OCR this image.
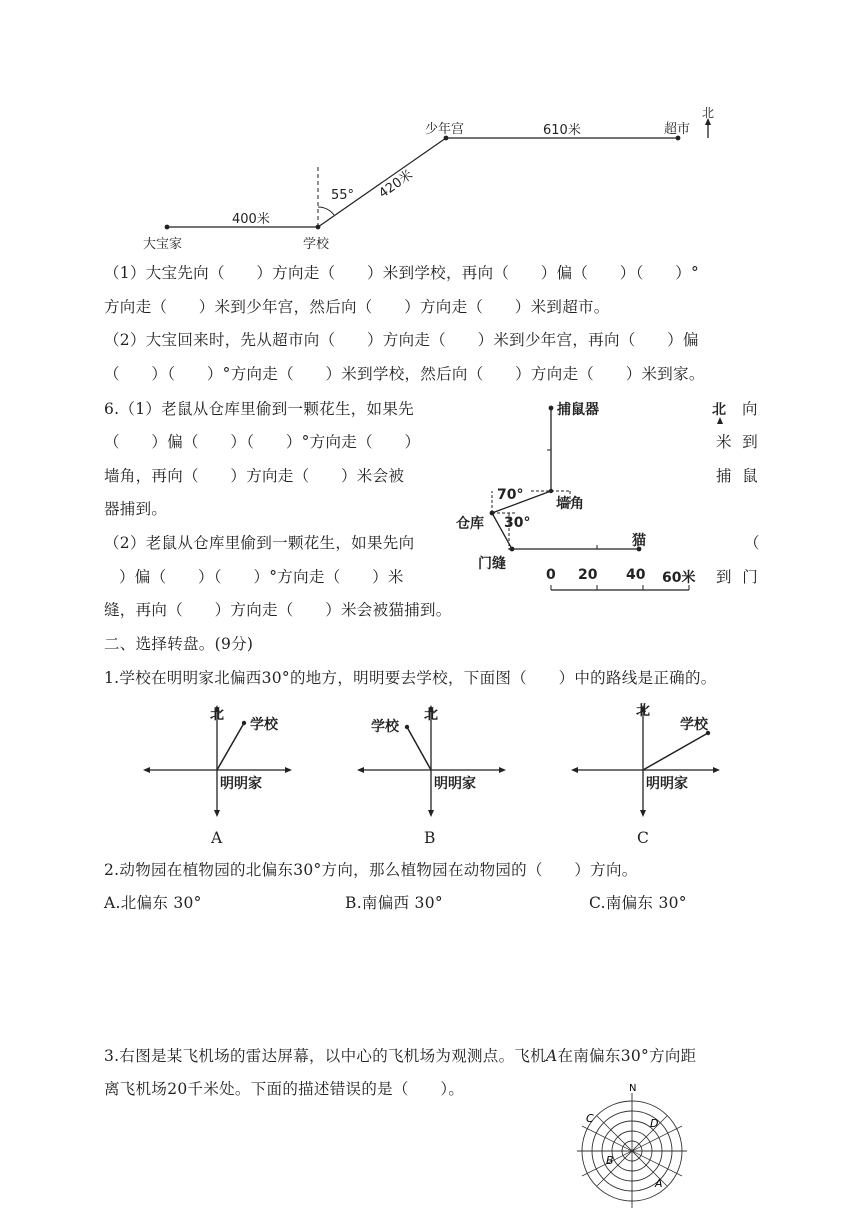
北
少年宫	610米	超市
55° 420米
400米
大宝家	学校
（1）大宝先向（　　）方向走（　　）米到学校，再向（　　）偏（　　）（　　）°
方向走（　　）米到少年宫，然后向（　　）方向走（　　）米到超市。
（2）大宝回来时，先从超市向（　　）方向走（　　）米到少年宫，再向（　　）偏
（　　）（　　）°方向走（　　）米到学校，然后向（　　）方向走（　　）米到家。
6.（1）老鼠从仓库里偷到一颗花生，如果先
（　　）偏（　　）（　　）°方向走（　　）
墙角，再向（　　）方向走（　　）米会被
器捕到。
（2）老鼠从仓库里偷到一颗花生，如果先向
）偏（　　）（　　）°方向走（　　）米
缝，再向（　　）方向走（　　）米会被猫捕到。
向
米 到
捕 鼠
（
到 门
捕鼠器	北
70°
墙角
仓库 30°
门缝
猫
0 20 40 60米
二、选择转盘。(9分)
1.学校在明明家北偏西30°的地方，明明要去学校，下面图（　　）中的路线是正确的。
北
学校
明明家
A
北
学校
明明家
B
北
学校
明明家
C
2.动物园在植物园的北偏东30°方向，那么植物园在动物园的（　　）方向。
A.北偏东 30°	B.南偏西 30°	C.南偏东 30°
3.右图是某飞机场的雷达屏幕，以中心的飞机场为观测点。飞机A在南偏东30°方向距
离飞机场20千米处。下面的描述错误的是（　　）。	N
C	D
B
A
